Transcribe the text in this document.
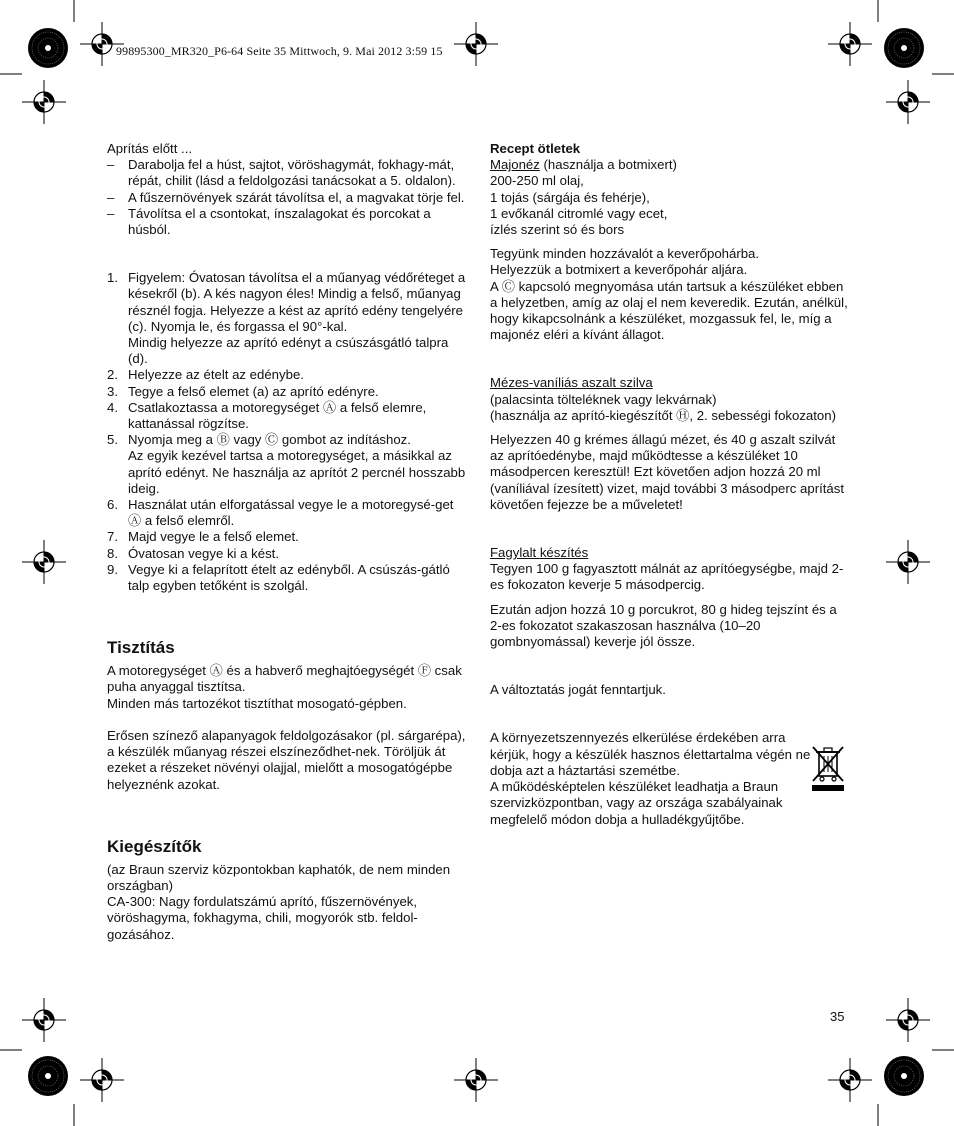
99895300_MR320_P6-64 Seite 35 Mittwoch, 9. Mai 2012 3:59 15

Aprítás előtt ...

–	Darabolja fel a húst, sajtot, vöröshagymát, fokhagy-mát, répát, chilit (lásd a feldolgozási tanácsokat a 5. oldalon).
–	A fűszernövények szárát távolítsa el, a magvakat törje fel.
–	Távolítsa el a csontokat, ínszalagokat és porcokat a húsból.
1. Figyelem: Óvatosan távolítsa el a műanyag védőréteget a késekről (b). A kés nagyon éles! Mindig a felső, műanyag résznél fogja. Helyezze a kést az aprító edény tengelyére (c). Nyomja le, és forgassa el 90°-kal.
Mindig helyezze az aprító edényt a csúszásgátló talpra (d).
2. Helyezze az ételt az edénybe.
3. Tegye a felső elemet (a) az aprító edényre.
4. Csatlakoztassa a motoregységet Ⓐ a felső elemre, kattanással rögzítse.
5. Nyomja meg a Ⓑ vagy Ⓒ gombot az indításhoz.
Az egyik kezével tartsa a motoregységet, a másikkal az aprító edényt. Ne használja az aprítót 2 percnél hosszabb ideig.
6. Használat után elforgatással vegye le a motoregysé-get Ⓐ a felső elemről.
7. Majd vegye le a felső elemet.
8. Óvatosan vegye ki a kést.
9. Vegye ki a felaprított ételt az edényből. A csúszás-gátló talp egyben tetőként is szolgál.
Tisztítás

A motoregységet Ⓐ és a habverő meghajtóegységét Ⓕ csak puha anyaggal tisztítsa.
Minden más tartozékot tisztíthat mosogató-gépben.

Erősen színező alapanyagok feldolgozásakor (pl. sárgarépa), a készülék műanyag részei elszíneződhet-nek. Töröljük át ezeket a részeket növényi olajjal, mielőtt a mosogatógépbe helyeznénk azokat.

Kiegészítők

(az Braun szerviz központokban kaphatók, de nem minden országban)
CA-300: Nagy fordulatszámú aprító, fűszernövények, vöröshagyma, fokhagyma, chili, mogyorók stb. feldol-gozásához.

Recept ötletek

Majonéz (használja a botmixert)

200-250 ml olaj,
1 tojás (sárgája és fehérje),
1 evőkanál citromlé vagy ecet,
ízlés szerint só és bors

Tegyünk minden hozzávalót a keverőpohárba.
Helyezzük a botmixert a keverőpohár aljára.
A Ⓒ kapcsoló megnyomása után tartsuk a készüléket ebben a helyzetben, amíg az olaj el nem keveredik. Ezután, anélkül, hogy kikapcsolnánk a készüléket, mozgassuk fel, le, míg a majonéz eléri a kívánt állagot.

Mézes-vaníliás aszalt szilva

(palacsinta tölteléknek vagy lekvárnak)
(használja az aprító-kiegészítőt Ⓗ, 2. sebességi fokozaton)

Helyezzen 40 g krémes állagú mézet, és 40 g aszalt szilvát az aprítóedénybe, majd működtesse a készüléket 10 másodpercen keresztül! Ezt követően adjon hozzá 20 ml (vaníliával ízesített) vizet, majd további 3 másodperc aprítást követően fejezze be a műveletet!

Fagylalt készítés

Tegyen 100 g fagyasztott málnát az aprítóegységbe, majd 2-es fokozaton keverje 5 másodpercig.

Ezután adjon hozzá 10 g porcukrot, 80 g hideg tejszínt és a 2-es fokozatot szakaszosan használva (10–20 gombnyomással) keverje jól össze.

A változtatás jogát fenntartjuk.

A környezetszennyezés elkerülése érdekében arra kérjük, hogy a készülék hasznos élettartalma végén ne dobja azt a háztartási szemétbe.
A működésképtelen készüléket leadhatja a Braun szervizközpontban, vagy az országa szabályainak megfelelő módon dobja a hulladékgyűjtőbe.

35
